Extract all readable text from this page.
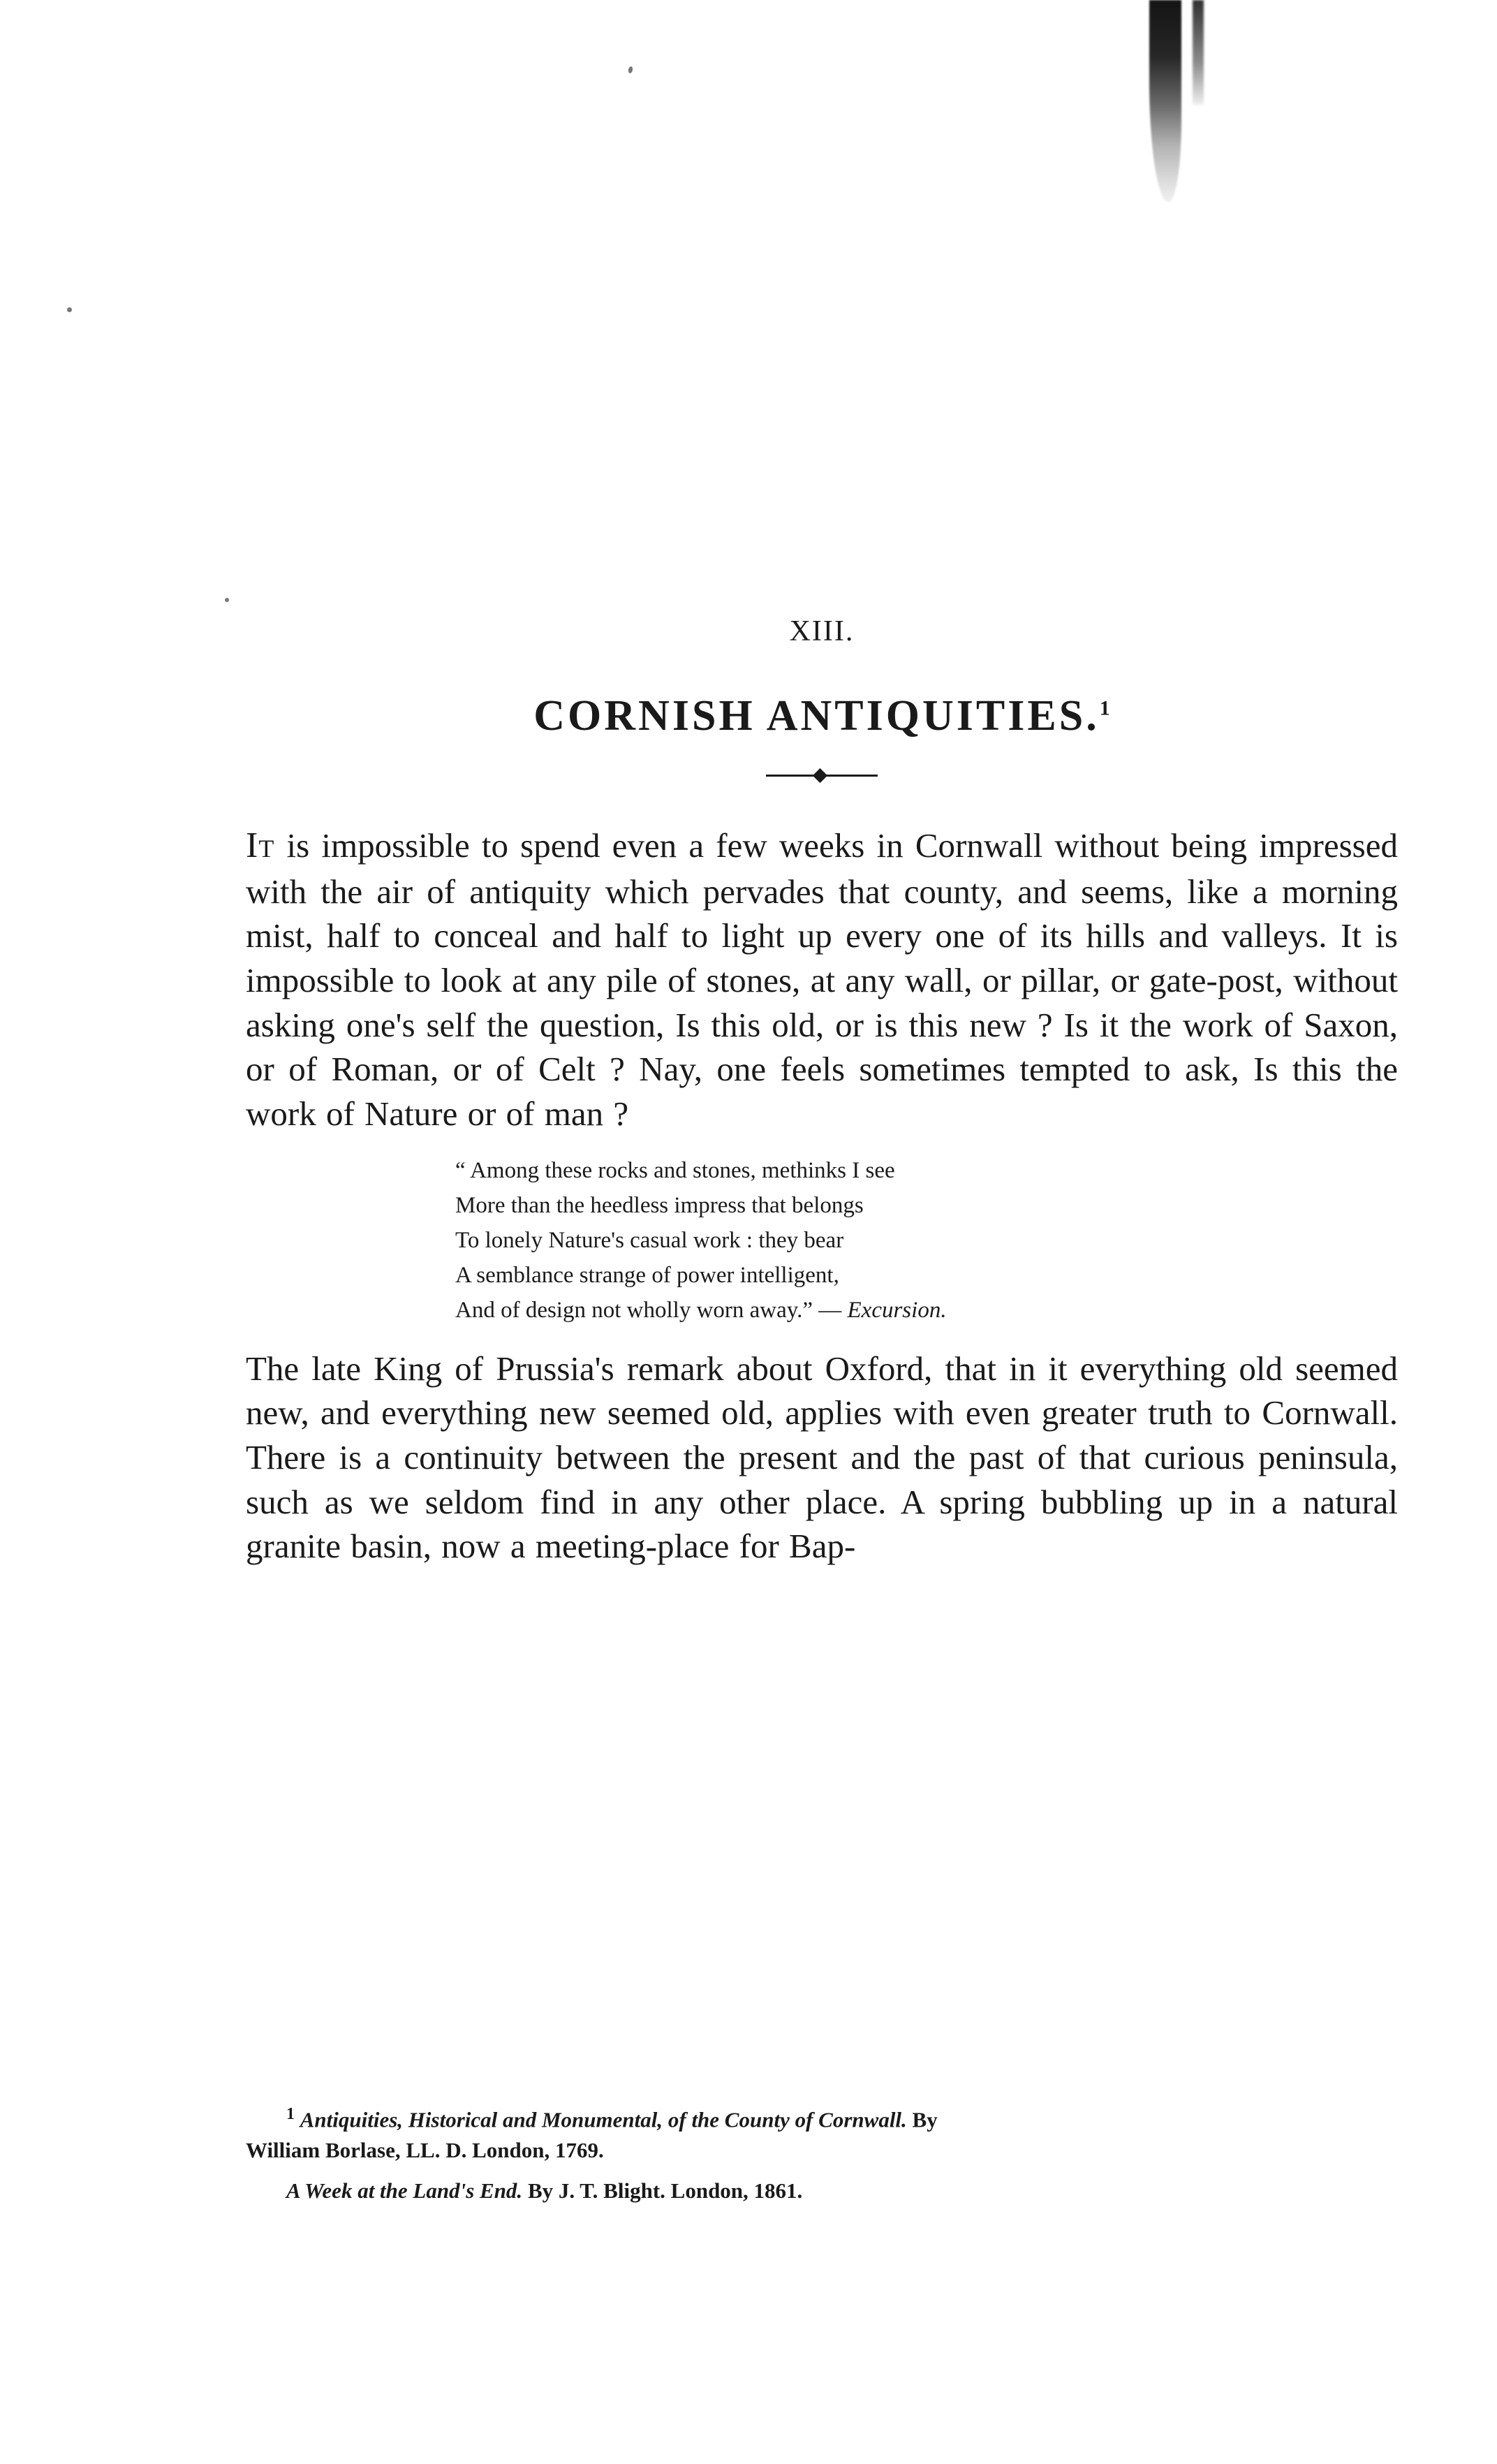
XIII.
CORNISH ANTIQUITIES.$^1$

It is impossible to spend even a few weeks in Cornwall without being impressed with the air of antiquity which pervades that county, and seems, like a morning mist, half to conceal and half to light up every one of its hills and valleys. It is impossible to look at any pile of stones, at any wall, or pillar, or gate-post, without asking one's self the question, Is this old, or is this new ? Is it the work of Saxon, or of Roman, or of Celt ? Nay, one feels sometimes tempted to ask, Is this the work of Nature or of man ?

“ Among these rocks and stones, methinks I see
More than the heedless impress that belongs
To lonely Nature's casual work : they bear
A semblance strange of power intelligent,
And of design not wholly worn away.” — Excursion.

The late King of Prussia's remark about Oxford, that in it everything old seemed new, and everything new seemed old, applies with even greater truth to Cornwall. There is a continuity between the present and the past of that curious peninsula, such as we seldom find in any other place. A spring bubbling up in a natural granite basin, now a meeting-place for Bap-

$^1$ Antiquities, Historical and Monumental, of the County of Cornwall. By
William Borlase, LL. D. London, 1769.
A Week at the Land's End. By J. T. Blight. London, 1861.
